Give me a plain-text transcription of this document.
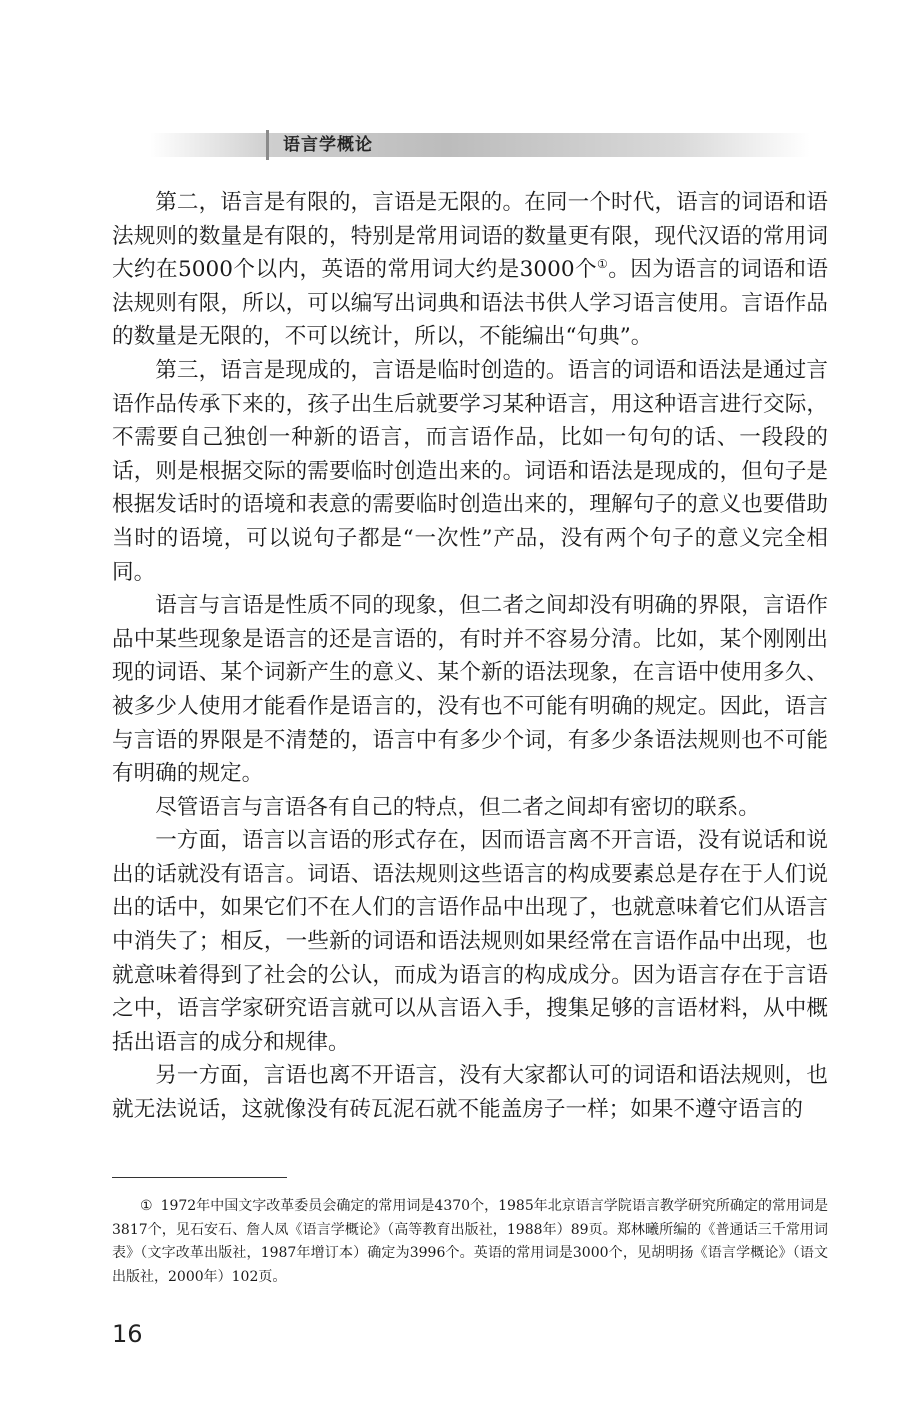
语言学概论

第二，语言是有限的，言语是无限的。在同一个时代，语言的词语和语法规则的数量是有限的，特别是常用词语的数量更有限，现代汉语的常用词大约在5000个以内，英语的常用词大约是3000个①。因为语言的词语和语法规则有限，所以，可以编写出词典和语法书供人学习语言使用。言语作品的数量是无限的，不可以统计，所以，不能编出“句典”。

第三，语言是现成的，言语是临时创造的。语言的词语和语法是通过言语作品传承下来的，孩子出生后就要学习某种语言，用这种语言进行交际，不需要自己独创一种新的语言，而言语作品，比如一句句的话、一段段的话，则是根据交际的需要临时创造出来的。词语和语法是现成的，但句子是根据发话时的语境和表意的需要临时创造出来的，理解句子的意义也要借助当时的语境，可以说句子都是“一次性”产品，没有两个句子的意义完全相同。

语言与言语是性质不同的现象，但二者之间却没有明确的界限，言语作品中某些现象是语言的还是言语的，有时并不容易分清。比如，某个刚刚出现的词语、某个词新产生的意义、某个新的语法现象，在言语中使用多久、被多少人使用才能看作是语言的，没有也不可能有明确的规定。因此，语言与言语的界限是不清楚的，语言中有多少个词，有多少条语法规则也不可能有明确的规定。

尽管语言与言语各有自己的特点，但二者之间却有密切的联系。

一方面，语言以言语的形式存在，因而语言离不开言语，没有说话和说出的话就没有语言。词语、语法规则这些语言的构成要素总是存在于人们说出的话中，如果它们不在人们的言语作品中出现了，也就意味着它们从语言中消失了；相反，一些新的词语和语法规则如果经常在言语作品中出现，也就意味着得到了社会的公认，而成为语言的构成成分。因为语言存在于言语之中，语言学家研究语言就可以从言语入手，搜集足够的言语材料，从中概括出语言的成分和规律。

另一方面，言语也离不开语言，没有大家都认可的词语和语法规则，也就无法说话，这就像没有砖瓦泥石就不能盖房子一样；如果不遵守语言的

① 1972年中国文字改革委员会确定的常用词是4370个，1985年北京语言学院语言教学研究所确定的常用词是3817个，见石安石、詹人凤《语言学概论》（高等教育出版社，1988年）89页。郑林曦所编的《普通话三千常用词表》（文字改革出版社，1987年增订本）确定为3996个。英语的常用词是3000个，见胡明扬《语言学概论》（语文出版社，2000年）102页。

16
